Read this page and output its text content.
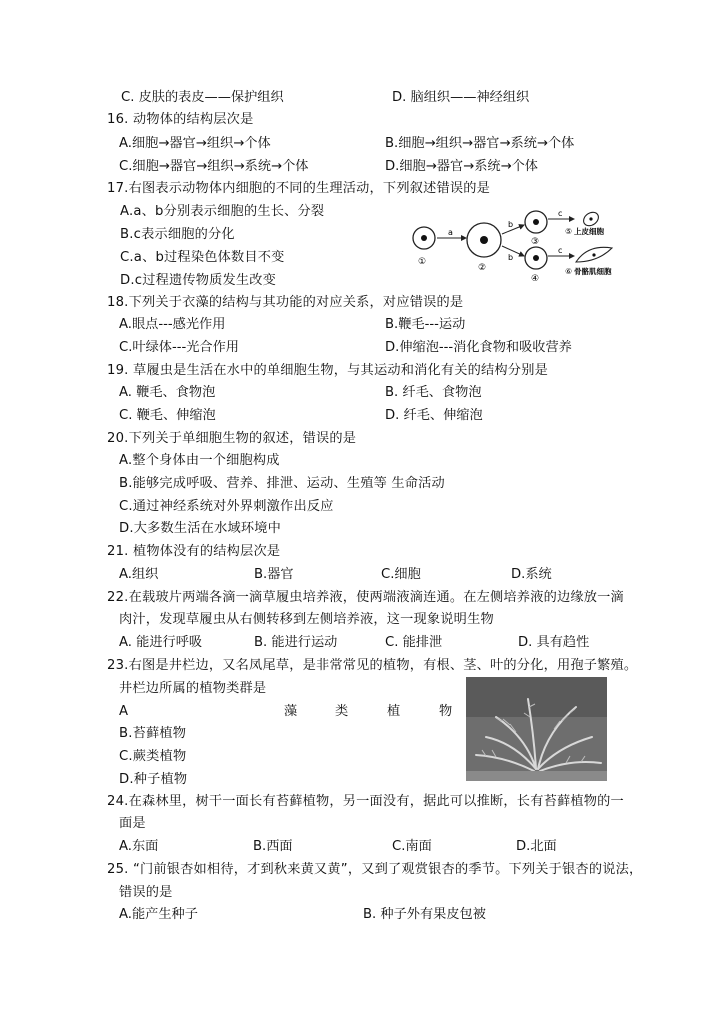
C. 皮肤的表皮——保护组织	D. 脑组织——神经组织
16. 动物体的结构层次是
A.细胞→器官→组织→个体	B.细胞→组织→器官→系统→个体
C.细胞→器官→组织→系统→个体	D.细胞→器官→系统→个体
17.右图表示动物体内细胞的不同的生理活动，下列叙述错误的是
A.a、b分别表示细胞的生长、分裂
B.c表示细胞的分化
C.a、b过程染色体数目不变
D.c过程遗传物质发生改变
①
a
②
b
b
③
④
c
c
⑤ 上皮细胞
⑥ 骨骼肌细胞
18.下列关于衣藻的结构与其功能的对应关系，对应错误的是
A.眼点---感光作用	B.鞭毛---运动
C.叶绿体---光合作用	D.伸缩泡---消化食物和吸收营养
19. 草履虫是生活在水中的单细胞生物，与其运动和消化有关的结构分别是
A. 鞭毛、食物泡	B. 纤毛、食物泡
C. 鞭毛、伸缩泡	D. 纤毛、伸缩泡
20.下列关于单细胞生物的叙述，错误的是
A.整个身体由一个细胞构成
B.能够完成呼吸、营养、排泄、运动、生殖等 生命活动
C.通过神经系统对外界刺激作出反应
D.大多数生活在水域环境中
21. 植物体没有的结构层次是
A.组织	B.器官	C.细胞	D.系统
22.在载玻片两端各滴一滴草履虫培养液，使两端液滴连通。在左侧培养液的边缘放一滴
肉汁，发现草履虫从右侧转移到左侧培养液，这一现象说明生物
A. 能进行呼吸	B. 能进行运动	C. 能排泄	D. 具有趋性
23.右图是井栏边，又名凤尾草，是非常常见的植物，有根、茎、叶的分化，用孢子繁殖。
井栏边所属的植物类群是
A	藻	类	植	物
B.苔藓植物
C.蕨类植物
D.种子植物
24.在森林里，树干一面长有苔藓植物，另一面没有，据此可以推断，长有苔藓植物的一
面是
A.东面	B.西面	C.南面	D.北面
25. “门前银杏如相待，才到秋来黄又黄”，又到了观赏银杏的季节。下列关于银杏的说法，
错误的是
A.能产生种子	B. 种子外有果皮包被
